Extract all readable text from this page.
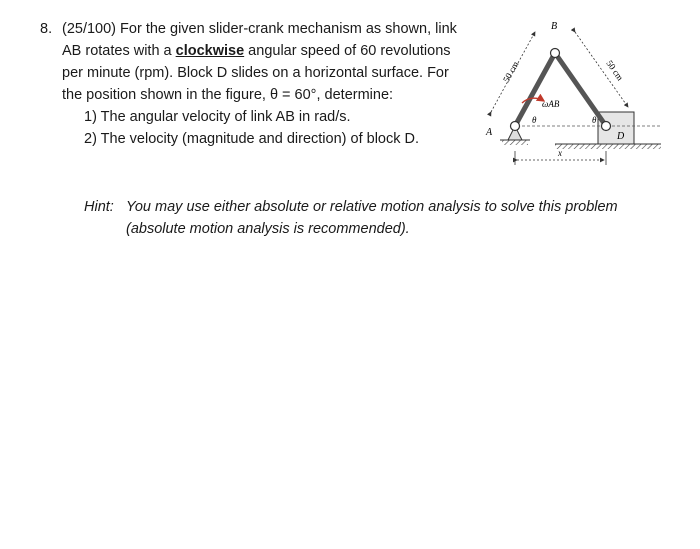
8. (25/100) For the given slider-crank mechanism as shown, link
AB rotates with a clockwise angular speed of 60 revolutions
per minute (rpm). Block D slides on a horizontal surface. For
the position shown in the figure, θ = 60°, determine:
1) The angular velocity of link AB in rad/s.
2) The velocity (magnitude and direction) of block D.
50 cm	50 cm
ωAB
θ	θ
A
B
D
x
Hint: You may use either absolute or relative motion analysis to solve this problem
(absolute motion analysis is recommended).
